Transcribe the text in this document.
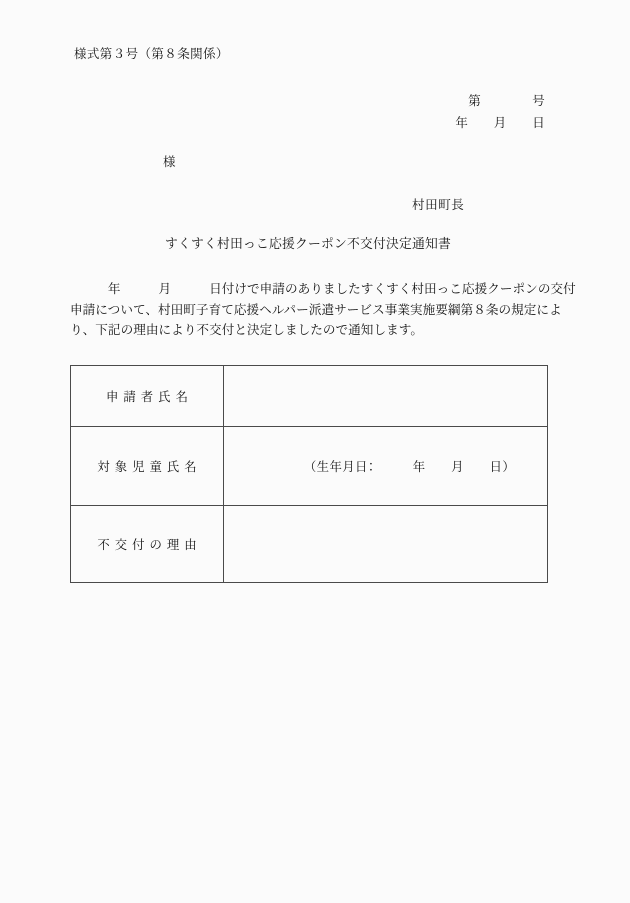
様式第３号（第８条関係）
第　　　　号
年　　月　　日
様
村田町長
すくすく村田っこ応援クーポン不交付決定通知書
　　　年　　　月　　　日付けで申請のありましたすくすく村田っこ応援クーポンの交付
申請について、村田町子育て応援ヘルパー派遣サービス事業実施要綱第８条の規定によ
り、下記の理由により不交付と決定しましたので通知します。
申請者氏名	

対象児童氏名	（生年月日：　　　年　　月　　日）

不交付の理由	
